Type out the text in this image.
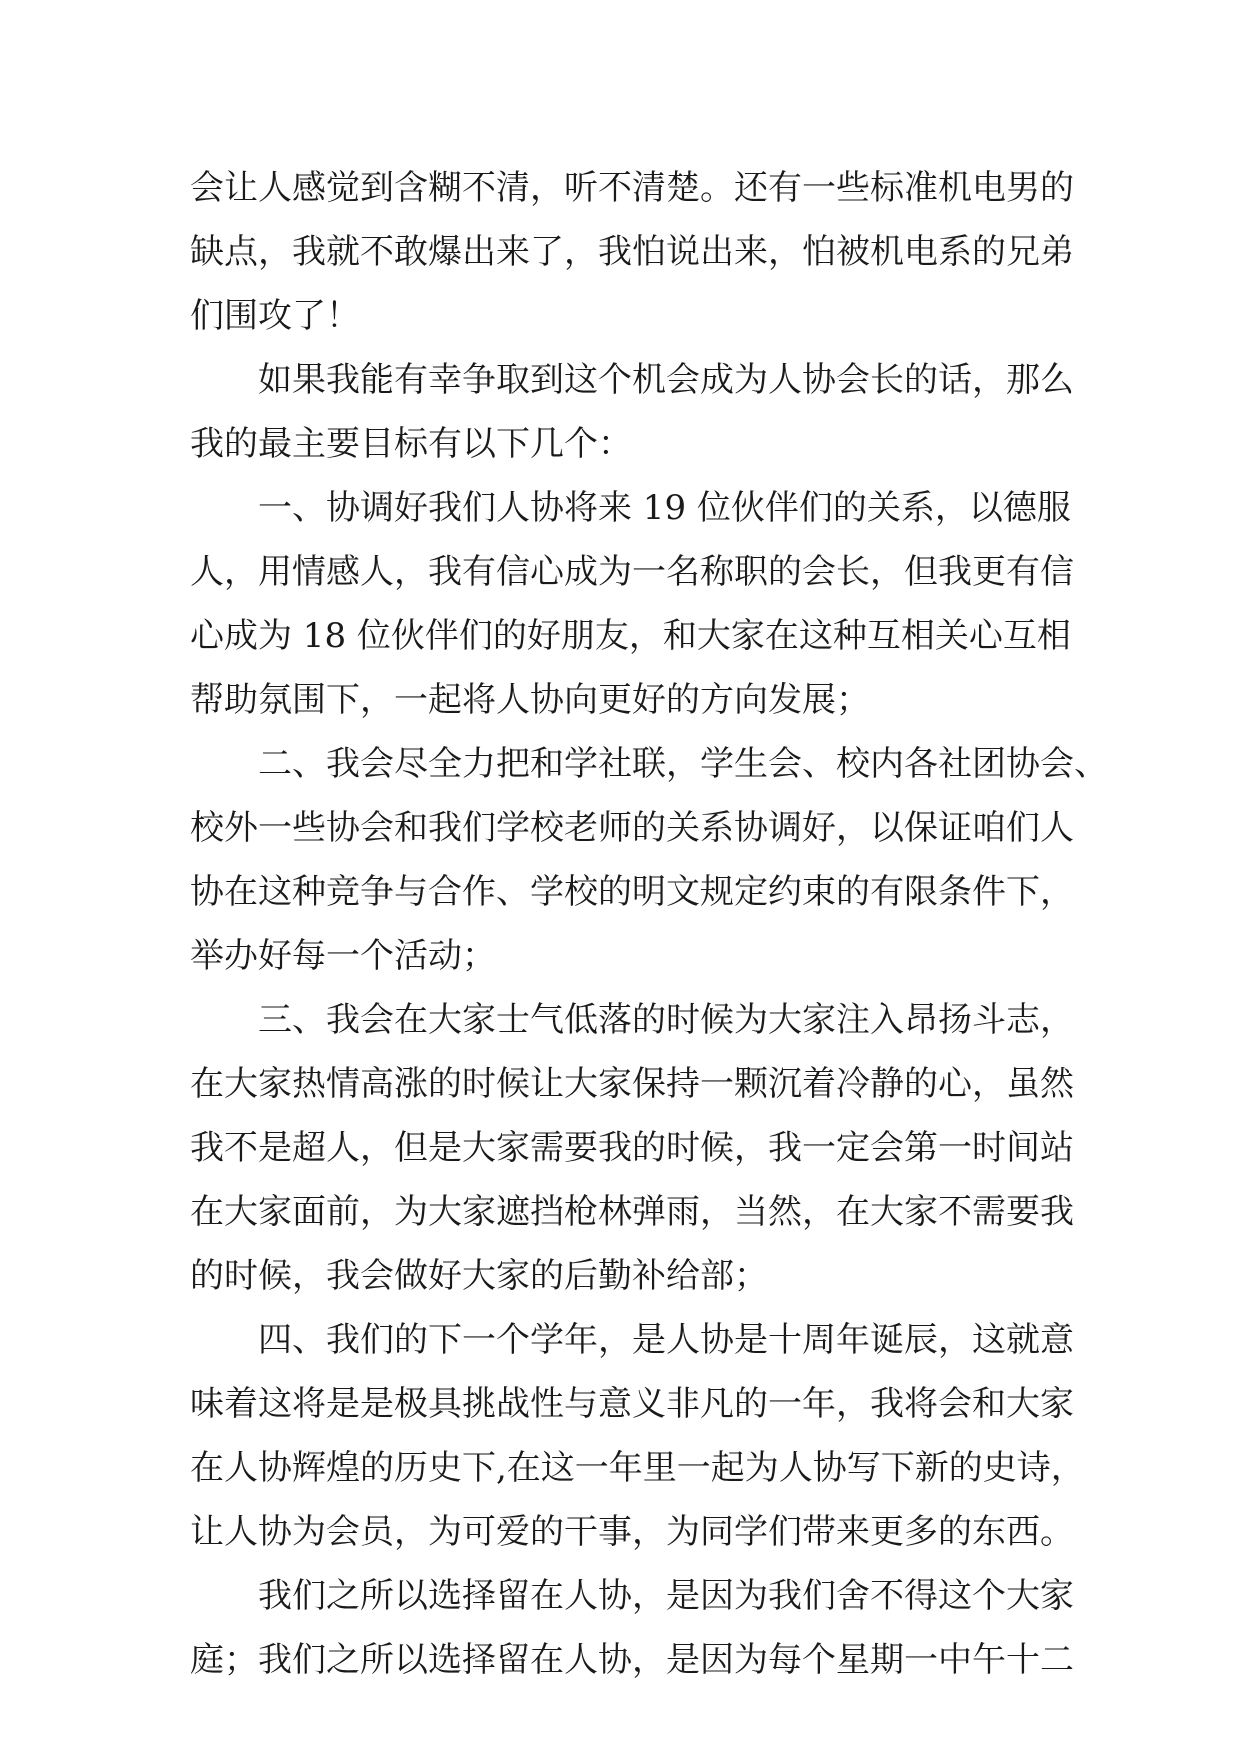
会让人感觉到含糊不清，听不清楚。还有一些标准机电男的
缺点，我就不敢爆出来了，我怕说出来，怕被机电系的兄弟
们围攻了！
如果我能有幸争取到这个机会成为人协会长的话，那么
我的最主要目标有以下几个：
一、协调好我们人协将来 19 位伙伴们的关系，以德服
人，用情感人，我有信心成为一名称职的会长，但我更有信
心成为 18 位伙伴们的好朋友，和大家在这种互相关心互相
帮助氛围下，一起将人协向更好的方向发展；
二、我会尽全力把和学社联，学生会、校内各社团协会、
校外一些协会和我们学校老师的关系协调好，以保证咱们人
协在这种竞争与合作、学校的明文规定约束的有限条件下，
举办好每一个活动；
三、我会在大家士气低落的时候为大家注入昂扬斗志，
在大家热情高涨的时候让大家保持一颗沉着冷静的心，虽然
我不是超人，但是大家需要我的时候，我一定会第一时间站
在大家面前，为大家遮挡枪林弹雨，当然，在大家不需要我
的时候，我会做好大家的后勤补给部；
四、我们的下一个学年，是人协是十周年诞辰，这就意
味着这将是是极具挑战性与意义非凡的一年，我将会和大家
在人协辉煌的历史下,在这一年里一起为人协写下新的史诗，
让人协为会员，为可爱的干事，为同学们带来更多的东西。
我们之所以选择留在人协，是因为我们舍不得这个大家
庭；我们之所以选择留在人协，是因为每个星期一中午十二
